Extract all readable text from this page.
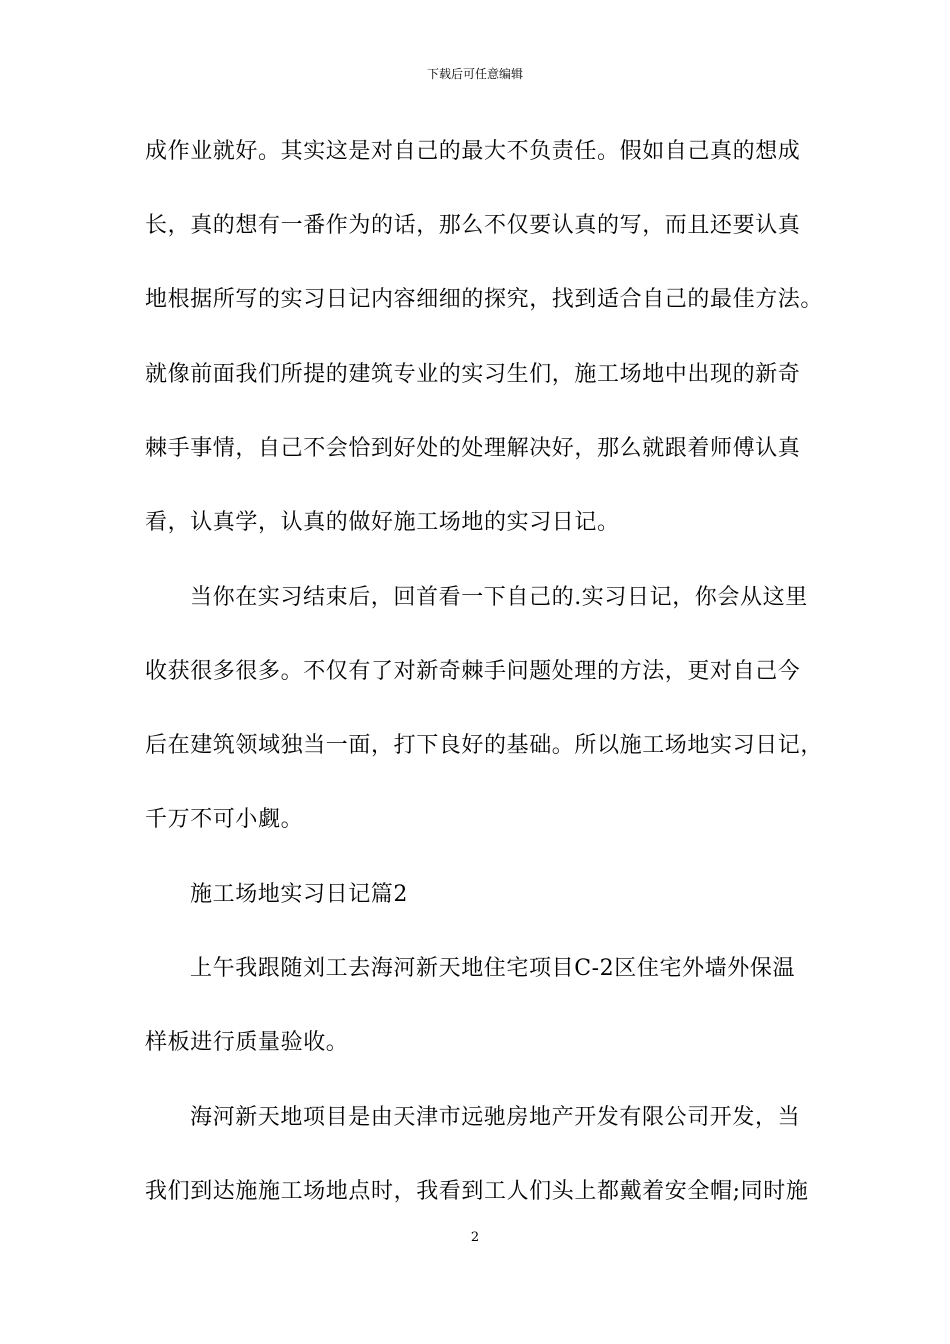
下载后可任意编辑
成作业就好。其实这是对自己的最大不负责任。假如自己真的想成
长，真的想有一番作为的话，那么不仅要认真的写，而且还要认真
地根据所写的实习日记内容细细的探究，找到适合自己的最佳方法。
就像前面我们所提的建筑专业的实习生们，施工场地中出现的新奇
棘手事情，自己不会恰到好处的处理解决好，那么就跟着师傅认真
看，认真学，认真的做好施工场地的实习日记。
当你在实习结束后，回首看一下自己的.实习日记，你会从这里
收获很多很多。不仅有了对新奇棘手问题处理的方法，更对自己今
后在建筑领域独当一面，打下良好的基础。所以施工场地实习日记，
千万不可小觑。
施工场地实习日记篇2
上午我跟随刘工去海河新天地住宅项目C-2区住宅外墙外保温
样板进行质量验收。
海河新天地项目是由天津市远驰房地产开发有限公司开发，当
我们到达施施工场地点时，我看到工人们头上都戴着安全帽;同时施
2
